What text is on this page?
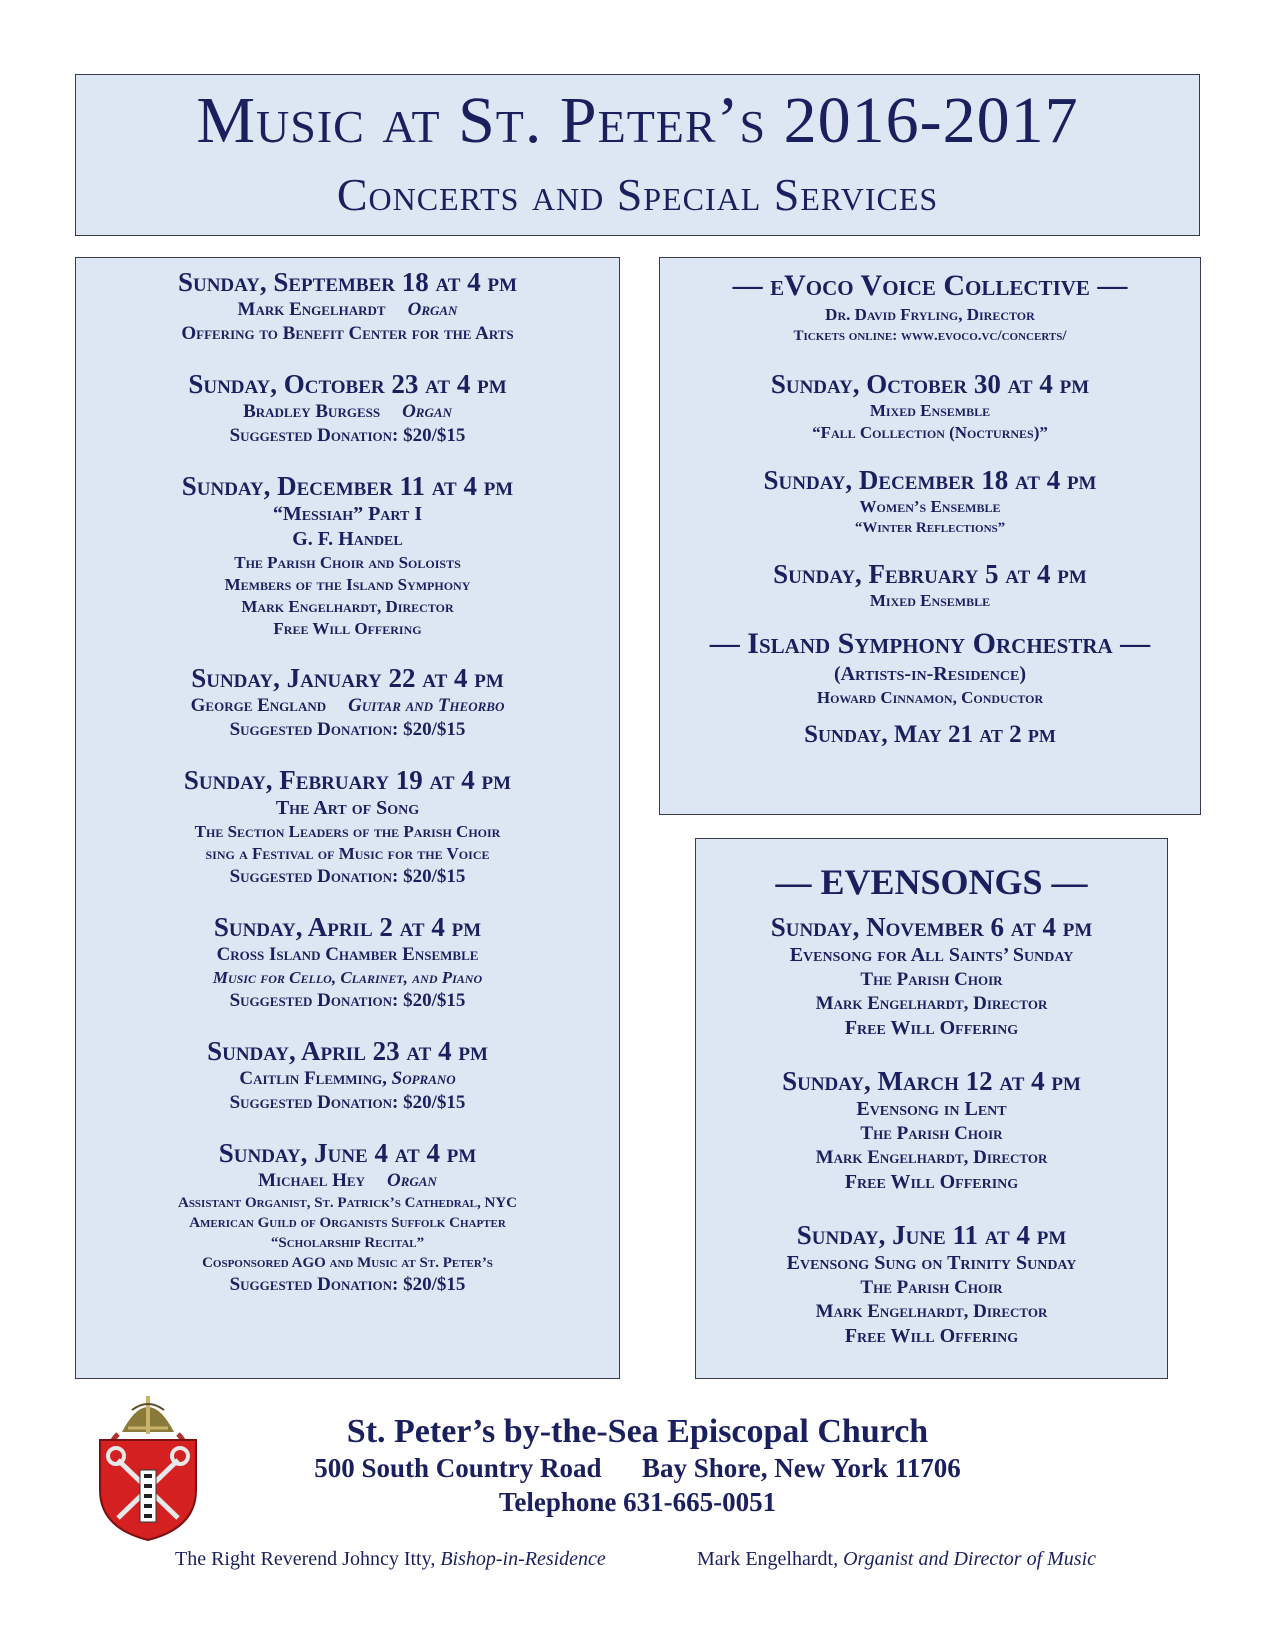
Music at St. Peter’s 2016-2017
Concerts and Special Services
Sunday, September 18 at 4 pm
Mark Engelhardt Organ
Offering to Benefit Center for the Arts
Sunday, October 23 at 4 pm
Bradley Burgess Organ
Suggested Donation: $20/$15
Sunday, December 11 at 4 pm
“Messiah” Part I
G. F. Handel
The Parish Choir and Soloists
Members of the Island Symphony
Mark Engelhardt, Director
Free Will Offering
Sunday, January 22 at 4 pm
George England Guitar and Theorbo
Suggested Donation: $20/$15
Sunday, February 19 at 4 pm
The Art of Song
The Section Leaders of the Parish Choir
sing a Festival of Music for the Voice
Suggested Donation: $20/$15
Sunday, April 2 at 4 pm
Cross Island Chamber Ensemble
Music for Cello, Clarinet, and Piano
Suggested Donation: $20/$15
Sunday, April 23 at 4 pm
Caitlin Flemming, Soprano
Suggested Donation: $20/$15
Sunday, June 4 at 4 pm
Michael Hey Organ
Assistant Organist, St. Patrick’s Cathedral, NYC
American Guild of Organists Suffolk Chapter
“Scholarship Recital”
Cosponsored AGO and Music at St. Peter’s
Suggested Donation: $20/$15
— eVoco Voice Collective —
Dr. David Fryling, Director
Tickets online: www.evoco.vc/concerts/
Sunday, October 30 at 4 pm
Mixed Ensemble
“Fall Collection (Nocturnes)”
Sunday, December 18 at 4 pm
Women’s Ensemble
“Winter Reflections”
Sunday, February 5 at 4 pm
Mixed Ensemble
— Island Symphony Orchestra —
(Artists-in-Residence)
Howard Cinnamon, Conductor
Sunday, May 21 at 2 pm
— EVENSONGS —
Sunday, November 6 at 4 pm
Evensong for All Saints’ Sunday
The Parish Choir
Mark Engelhardt, Director
Free Will Offering
Sunday, March 12 at 4 pm
Evensong in Lent
The Parish Choir
Mark Engelhardt, Director
Free Will Offering
Sunday, June 11 at 4 pm
Evensong Sung on Trinity Sunday
The Parish Choir
Mark Engelhardt, Director
Free Will Offering
St. Peter’s by-the-Sea Episcopal Church
500 South Country Road      Bay Shore, New York 11706
Telephone 631-665-0051
The Right Reverend Johncy Itty, Bishop-in-Residence	Mark Engelhardt, Organist and Director of Music
